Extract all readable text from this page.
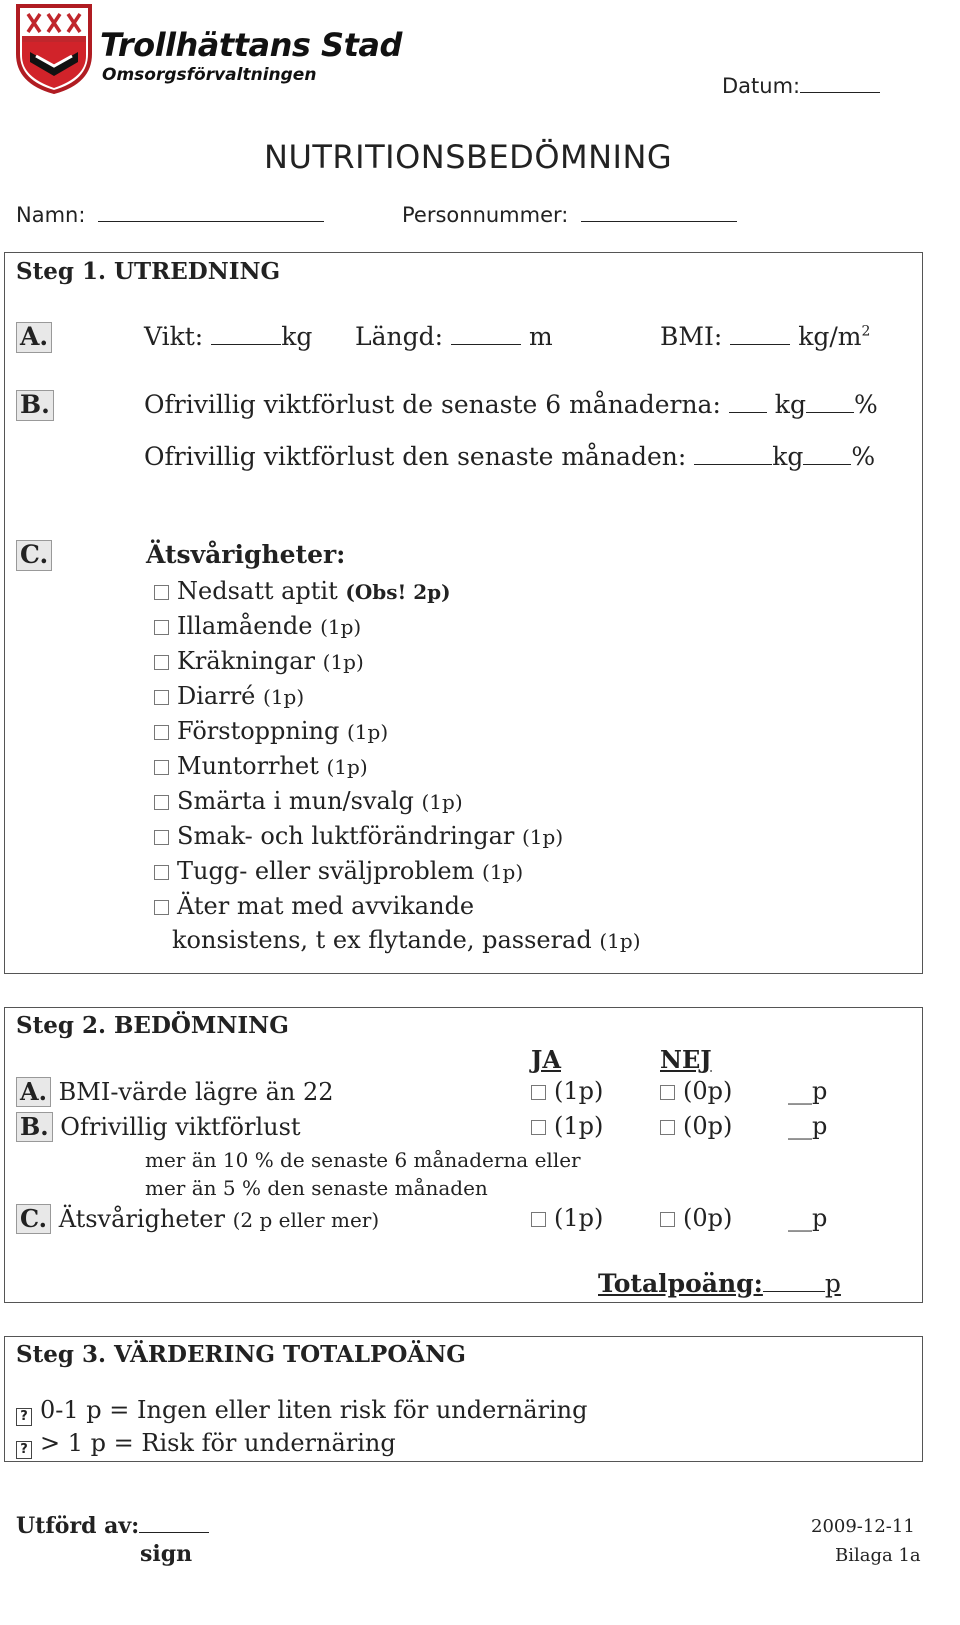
Trollhättans Stad
Omsorgsförvaltningen	Datum:
NUTRITIONSBEDÖMNING
Namn:	Personnummer:
Steg 1. UTREDNING
A.	Vikt:	kg Längd:	m	BMI:	$kg/m^2$
B.	Ofrivillig viktförlust de senaste 6 månaderna: kg %
Ofrivillig viktförlust den senaste månaden:	kg %
C.	Ätsvårigheter:
Nedsatt aptit (Obs! 2p)
Illamående (1p)
Kräkningar (1p)
Diarré (1p)
Förstoppning (1p)
Muntorrhet (1p)
Smärta i mun/svalg (1p)
Smak- och luktförändringar (1p)
Tugg- eller sväljproblem (1p)
Äter mat med avvikande
konsistens, t ex flytande, passerad (1p)
Steg 2. BEDÖMNING
JA	NEJ
A. BMI-värde lägre än 22	(1p)	(0p) __p
B. Ofrivillig viktförlust	(1p)	(0p) __p
mer än 10 % de senaste 6 månaderna eller
mer än 5 % den senaste månaden
C. Ätsvårigheter (2 p eller mer)	(1p)	(0p) __p
Totalpoäng: p
Steg 3. VÄRDERING TOTALPOÄNG
? 0-1 p = Ingen eller liten risk för undernäring
? > 1 p = Risk för undernäring
Utförd av:
sign
2009-12-11
Bilaga 1a
